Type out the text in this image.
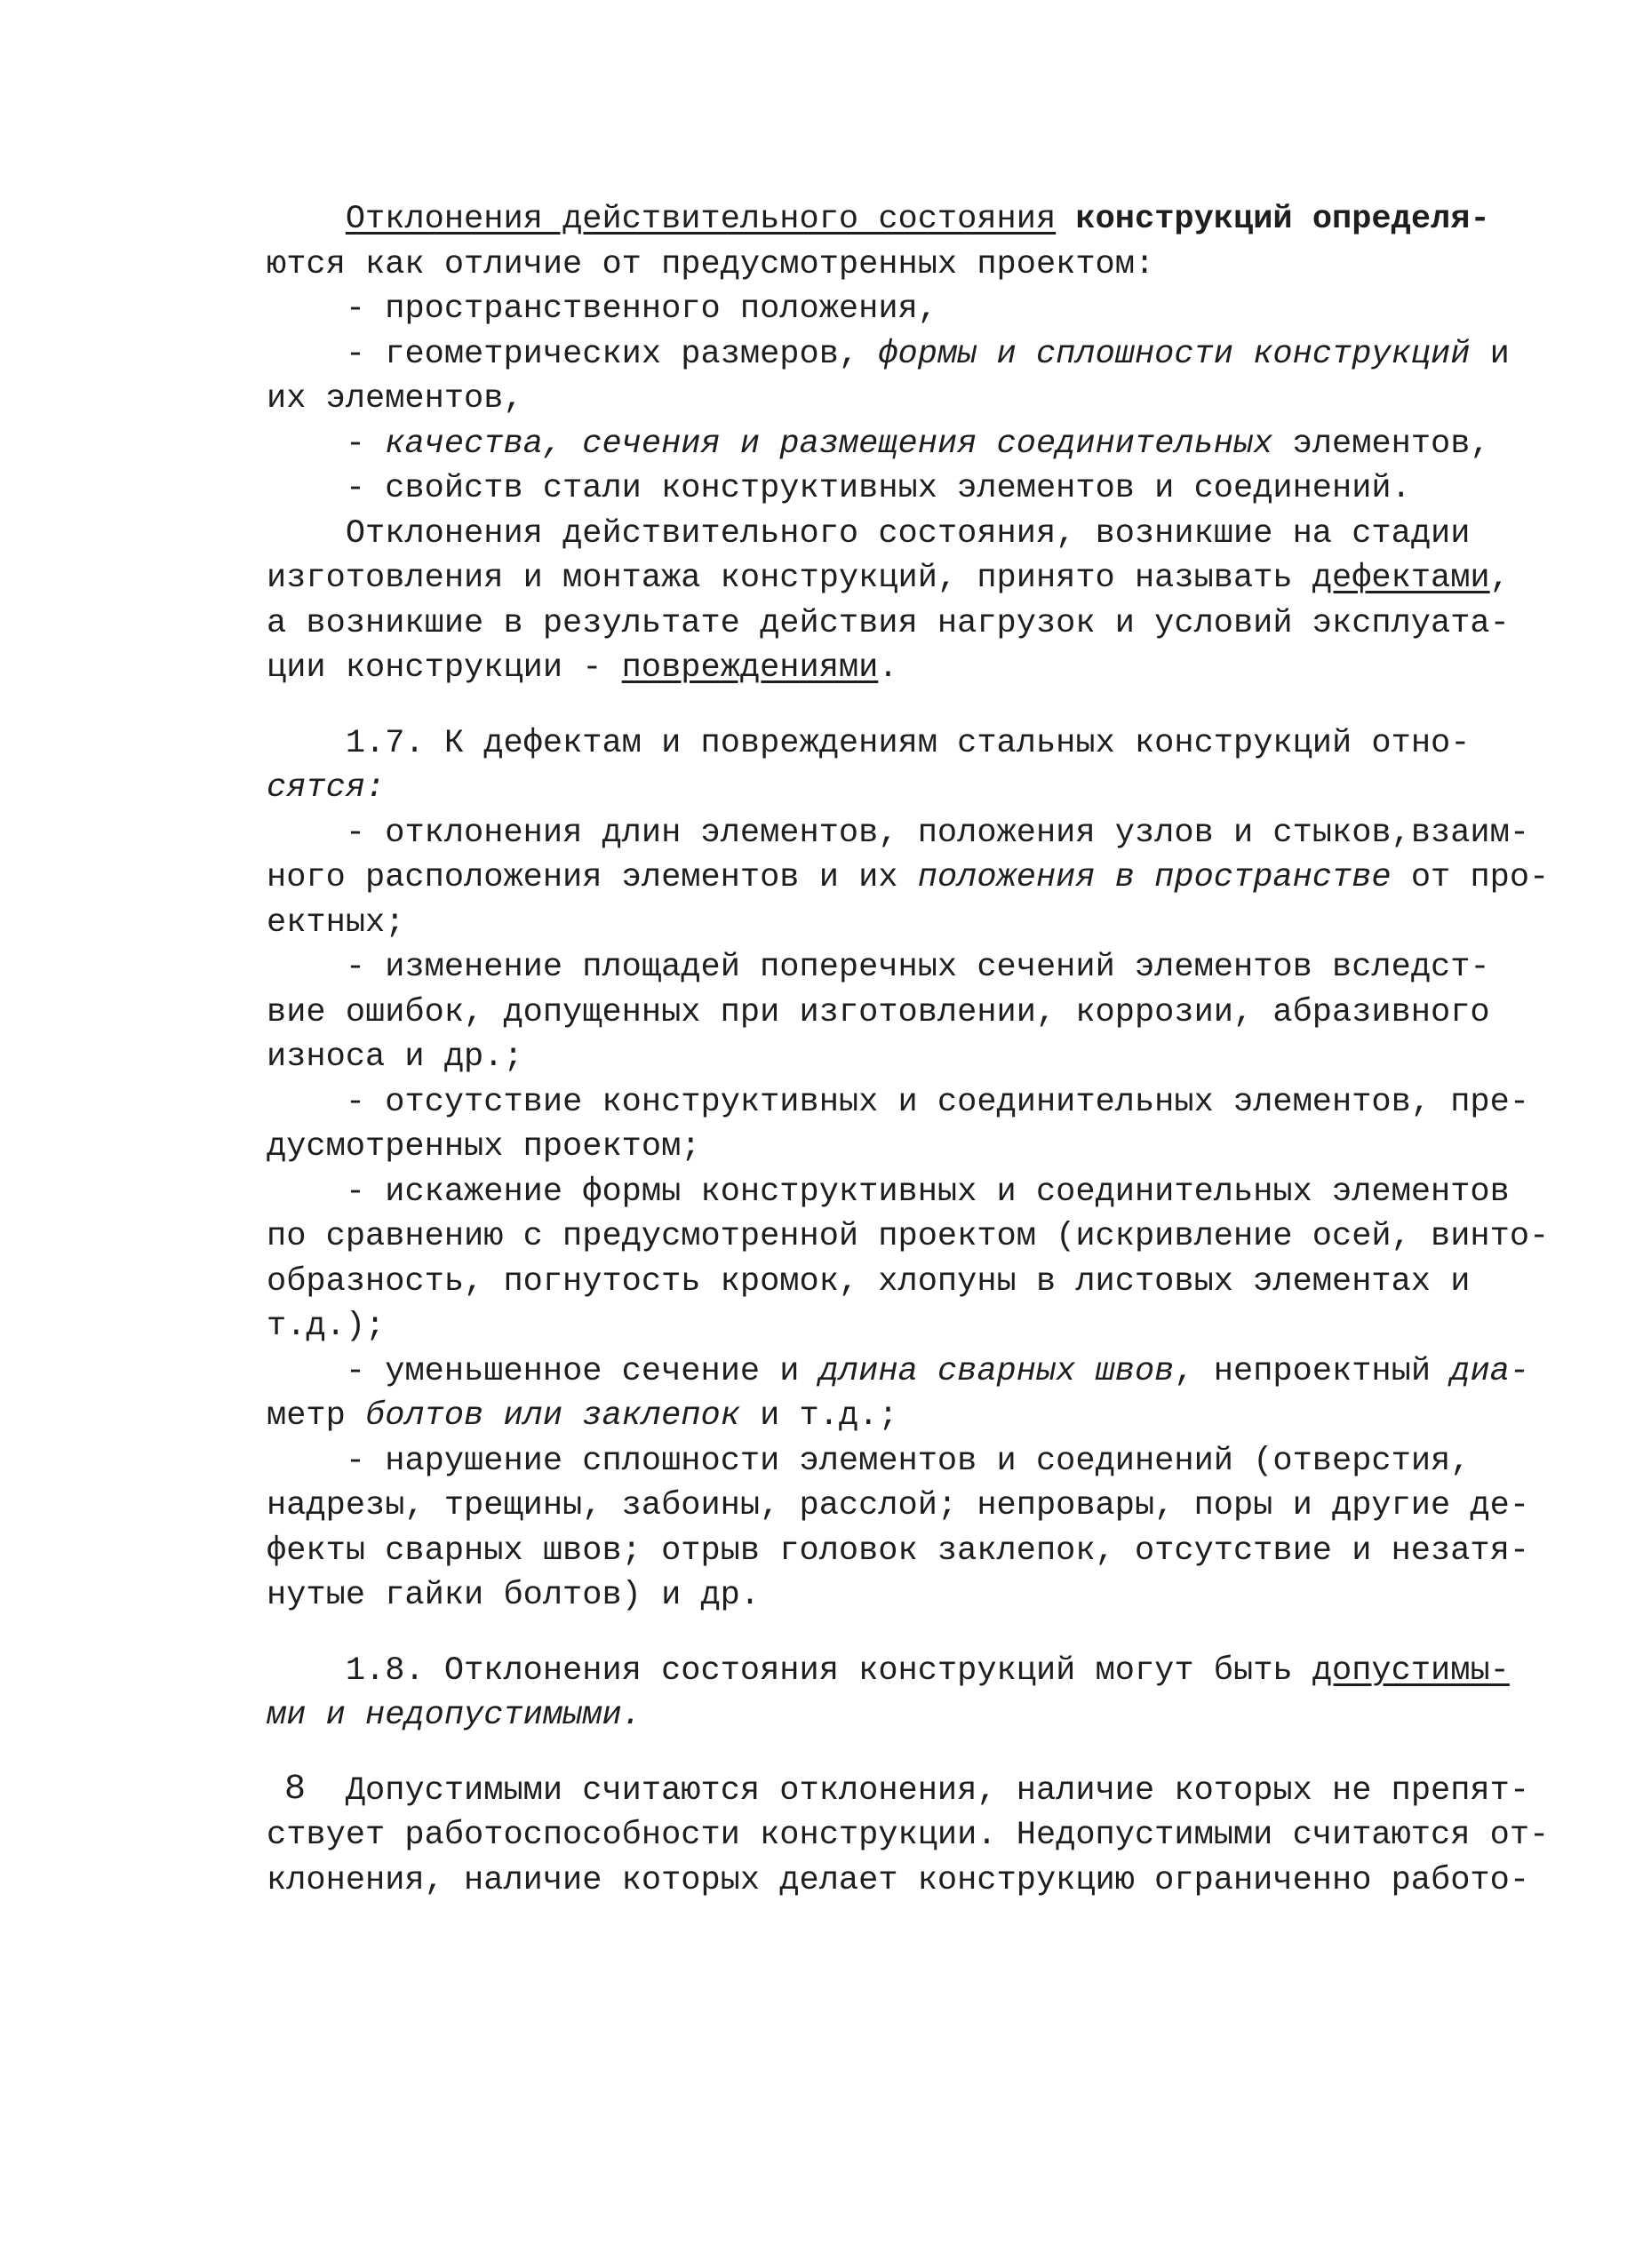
Отклонения действительного состояния конструкций определя-
ются как отличие от предусмотренных проектом:
- пространственного положения,
- геометрических размеров, формы и сплошности конструкций и
их элементов,
- качества, сечения и размещения соединительных элементов,
- свойств стали конструктивных элементов и соединений.
Отклонения действительного состояния, возникшие на стадии
изготовления и монтажа конструкций, принято называть дефектами,
а возникшие в результате действия нагрузок и условий эксплуата-
ции конструкции - повреждениями.
1.7. К дефектам и повреждениям стальных конструкций отно-
сятся:
- отклонения длин элементов, положения узлов и стыков,взаим-
ного расположения элементов и их положения в пространстве от про-
ектных;
- изменение площадей поперечных сечений элементов вследст-
вие ошибок, допущенных при изготовлении, коррозии, абразивного
износа и др.;
- отсутствие конструктивных и соединительных элементов, пре-
дусмотренных проектом;
- искажение формы конструктивных и соединительных элементов
по сравнению с предусмотренной проектом (искривление осей, винто-
образность, погнутость кромок, хлопуны в листовых элементах и
т.д.);
- уменьшенное сечение и длина сварных швов, непроектный диа-
метр болтов или заклепок и т.д.;
- нарушение сплошности элементов и соединений (отверстия,
надрезы, трещины, забоины, расслой; непровары, поры и другие де-
фекты сварных швов; отрыв головок заклепок, отсутствие и незатя-
нутые гайки болтов) и др.
1.8. Отклонения состояния конструкций могут быть допустимы-
ми и недопустимыми.
Допустимыми считаются отклонения, наличие которых не препят-
ствует работоспособности конструкции. Недопустимыми считаются от-
клонения, наличие которых делает конструкцию ограниченно работо-
8
